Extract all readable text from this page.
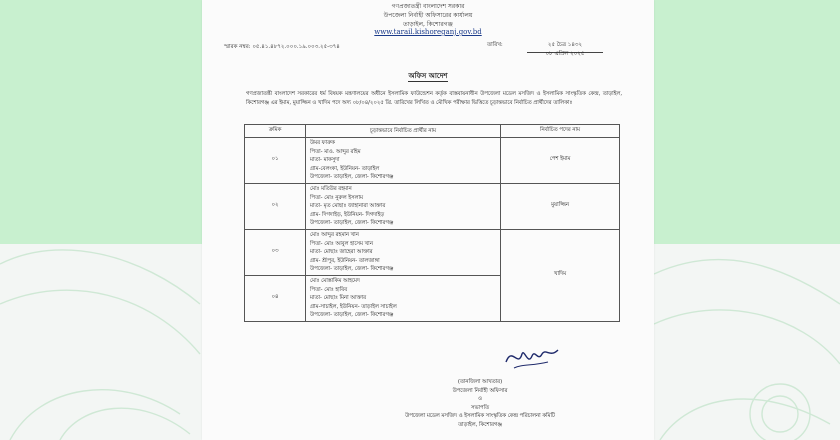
গণপ্রজাতন্ত্রী বাংলাদেশ সরকার
উপজেলা নির্বাহী অফিসারের কার্যালয়
তাড়াইল, কিশোরগঞ্জ
www.tarail.kishoreganj.gov.bd
স্মারক নম্বর: ০৫.৪১.৪৮৭২.০০০.১৯.০০৩.২৫-৩৭৪	তারিখ:	২৫ চৈত্র ১৪৩২
০৮ এপ্রিল ২০২৫
অফিস আদেশ
গণপ্রজাতন্ত্রী বাংলাদেশ সরকারের ধর্ম বিষয়ক মন্ত্রণালয়ের অধীনে ইসলামিক ফাউন্ডেশন কর্তৃক বাস্তবায়নাধীন উপজেলা মডেল মসজিদ ও ইসলামিক সাংস্কৃতিক কেন্দ্র, তাড়াইল, কিশোরগঞ্জ এর ইমাম, মুয়াজ্জিন ও খাদিম পদে অদ্য ০৮/০৪/২০২৫ খ্রি. তারিখের লিখিত ও মৌখিক পরীক্ষার ভিত্তিতে চূড়ান্তভাবে নির্বাচিত প্রার্থীদের তালিকাঃ
ক্রমিক	চূড়ান্তভাবে নির্বাচিত প্রার্থীর নাম	নির্বাচিত পদের নাম
০১	উমর ফারুক
পিতা- মাও. আব্দুর রহিম
মাতা- মাকসুদা
গ্রাম-বেলংকা, ইউনিয়ন- তাড়াইল
উপজেলা- তাড়াইল, জেলা- কিশোরগঞ্জ	পেশ ইমাম
০২	মোঃ মতিউর রহমান
পিতা- মোঃ নুরুল ইসলাম
মাতা- মৃত মোছাঃ জাহানারা আক্তার
গ্রাম- দিগদাইড়, ইউনিয়ন- দিগদাইড়
উপজেলা- তাড়াইল, জেলা- কিশোরগঞ্জ	মুয়াজ্জিন
০৩	মোঃ আব্দুর রহমান খান
পিতা- মোঃ আবুল হাসেম খান
মাতা- মোছাঃ জাহেরা আক্তার
গ্রাম- শ্রীপুর, ইউনিয়ন- তালজাঙ্গা
উপজেলা- তাড়াইল, জেলা- কিশোরগঞ্জ	খাদিম
০৪	মোঃ মোস্তাকিম আহমেদ
পিতা- মোঃ হাবিব
মাতা- মোছাঃ মিনা আক্তার
গ্রাম-সাচাইল, ইউনিয়ন- তাড়াইল সাচাইল
উপজেলা- তাড়াইল, জেলা- কিশোরগঞ্জ	
(তানজিলা আখতার)
উপজেলা নির্বাহী অফিসার
ও
সভাপতি
উপজেলা মডেল মসজিদ ও ইসলামিক সাংস্কৃতিক কেন্দ্র পরিচালনা কমিটি
তাড়াইল, কিশোরগঞ্জ
